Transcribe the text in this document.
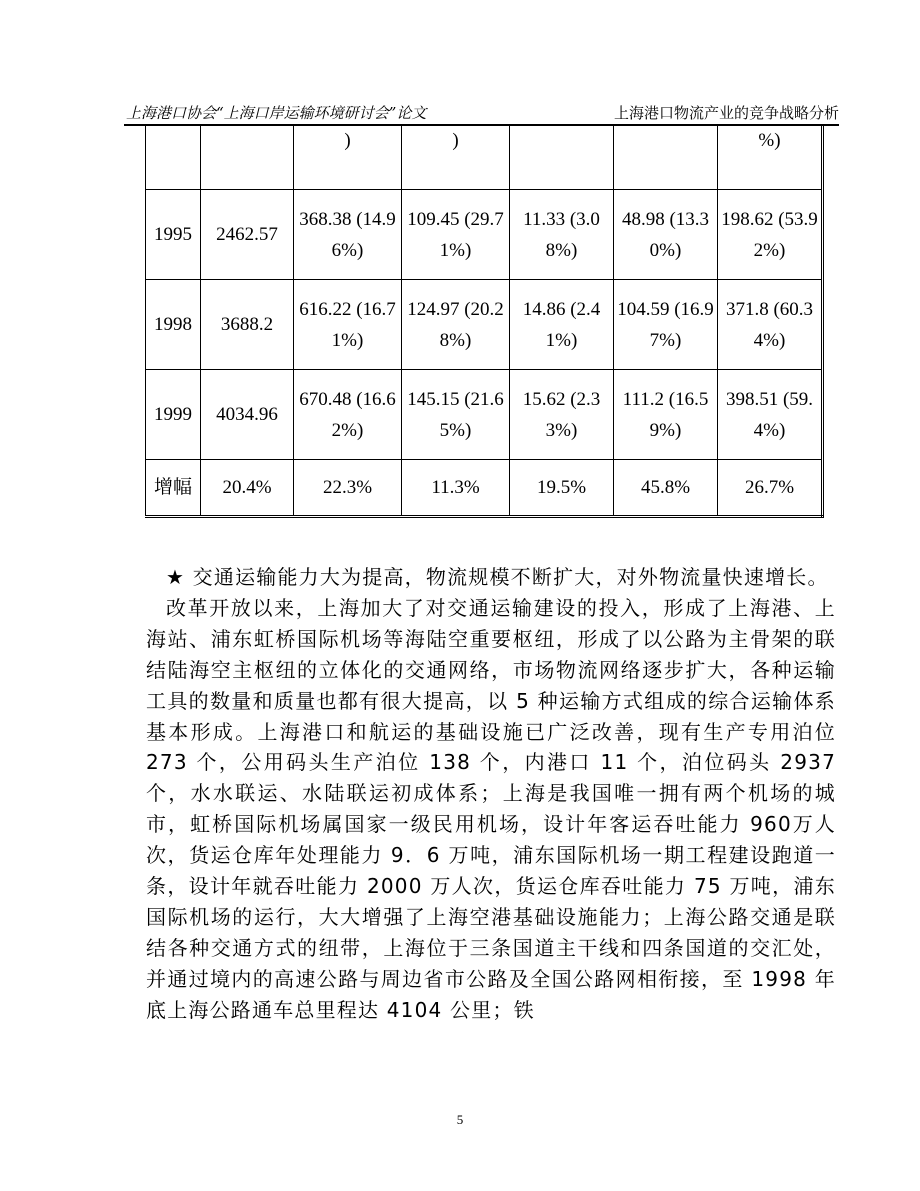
上海港口协会“上海口岸运输环境研讨会”论文	上海港口物流产业的竞争战略分析

		)	)			%)

1995	2462.57	368.38 (14.96%)	109.45 (29.71%)	11.33 (3.08%)	48.98 (13.30%)	198.62 (53.92%)

1998	3688.2	616.22 (16.71%)	124.97 (20.28%)	14.86 (2.41%)	104.59 (16.97%)	371.8 (60.34%)

1999	4034.96	670.48 (16.62%)	145.15 (21.65%)	15.62 (2.33%)	111.2 (16.59%)	398.51 (59.4%)

增幅	20.4%	22.3%	11.3%	19.5%	45.8%	26.7%

★ 交通运输能力大为提高，物流规模不断扩大，对外物流量快速增长。

改革开放以来，上海加大了对交通运输建设的投入，形成了上海港、上海站、浦东虹桥国际机场等海陆空重要枢纽，形成了以公路为主骨架的联结陆海空主枢纽的立体化的交通网络，市场物流网络逐步扩大，各种运输工具的数量和质量也都有很大提高，以 5 种运输方式组成的综合运输体系基本形成。上海港口和航运的基础设施已广泛改善，现有生产专用泊位 273 个，公用码头生产泊位 138 个，内港口 11 个，泊位码头 2937 个，水水联运、水陆联运初成体系；上海是我国唯一拥有两个机场的城市，虹桥国际机场属国家一级民用机场，设计年客运吞吐能力 960万人次，货运仓库年处理能力 9．6 万吨，浦东国际机场一期工程建设跑道一条，设计年就吞吐能力 2000 万人次，货运仓库吞吐能力 75 万吨，浦东国际机场的运行，大大增强了上海空港基础设施能力；上海公路交通是联结各种交通方式的纽带，上海位于三条国道主干线和四条国道的交汇处，并通过境内的高速公路与周边省市公路及全国公路网相衔接，至 1998 年底上海公路通车总里程达 4104 公里；铁

5
